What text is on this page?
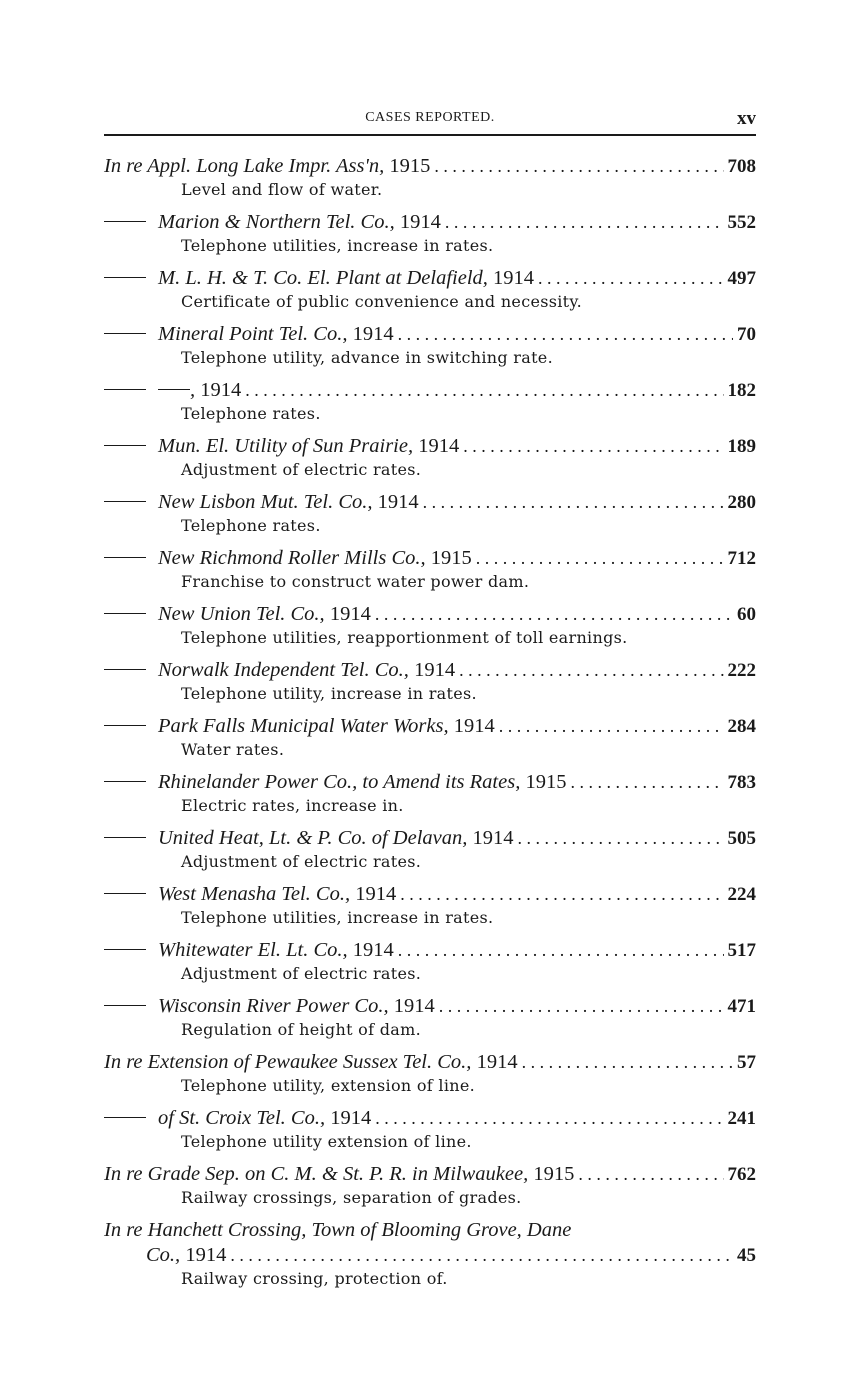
CASES REPORTED.	xv
In re Appl. Long Lake Impr. Ass'n, 1915 . . .	708
Level and flow of water.
Marion & Northern Tel. Co., 1914 . . .	552
Telephone utilities, increase in rates.
M. L. H. & T. Co. El. Plant at Delafield, 1914 . . .	497
Certificate of public convenience and necessity.
Mineral Point Tel. Co., 1914 . . .	70
Telephone utility, advance in switching rate.
, 1914 . . .	182
Telephone rates.
Mun. El. Utility of Sun Prairie, 1914 . . .	189
Adjustment of electric rates.
New Lisbon Mut. Tel. Co., 1914 . . .	280
Telephone rates.
New Richmond Roller Mills Co., 1915 . . .	712
Franchise to construct water power dam.
New Union Tel. Co., 1914 . . .	60
Telephone utilities, reapportionment of toll earnings.
Norwalk Independent Tel. Co., 1914 . . .	222
Telephone utility, increase in rates.
Park Falls Municipal Water Works, 1914 . . .	284
Water rates.
Rhinelander Power Co., to Amend its Rates, 1915 . . .	783
Electric rates, increase in.
United Heat, Lt. & P. Co. of Delavan, 1914 . . .	505
Adjustment of electric rates.
West Menasha Tel. Co., 1914 . . .	224
Telephone utilities, increase in rates.
Whitewater El. Lt. Co., 1914 . . .	517
Adjustment of electric rates.
Wisconsin River Power Co., 1914 . . .	471
Regulation of height of dam.
In re Extension of Pewaukee Sussex Tel. Co., 1914 . . .	57
Telephone utility, extension of line.
of St. Croix Tel. Co., 1914 . . .	241
Telephone utility extension of line.
In re Grade Sep. on C. M. & St. P. R. in Milwaukee, 1915 . . .	762
Railway crossings, separation of grades.
In re Hanchett Crossing, Town of Blooming Grove, Dane
Co., 1914 . . .	45
Railway crossing, protection of.
